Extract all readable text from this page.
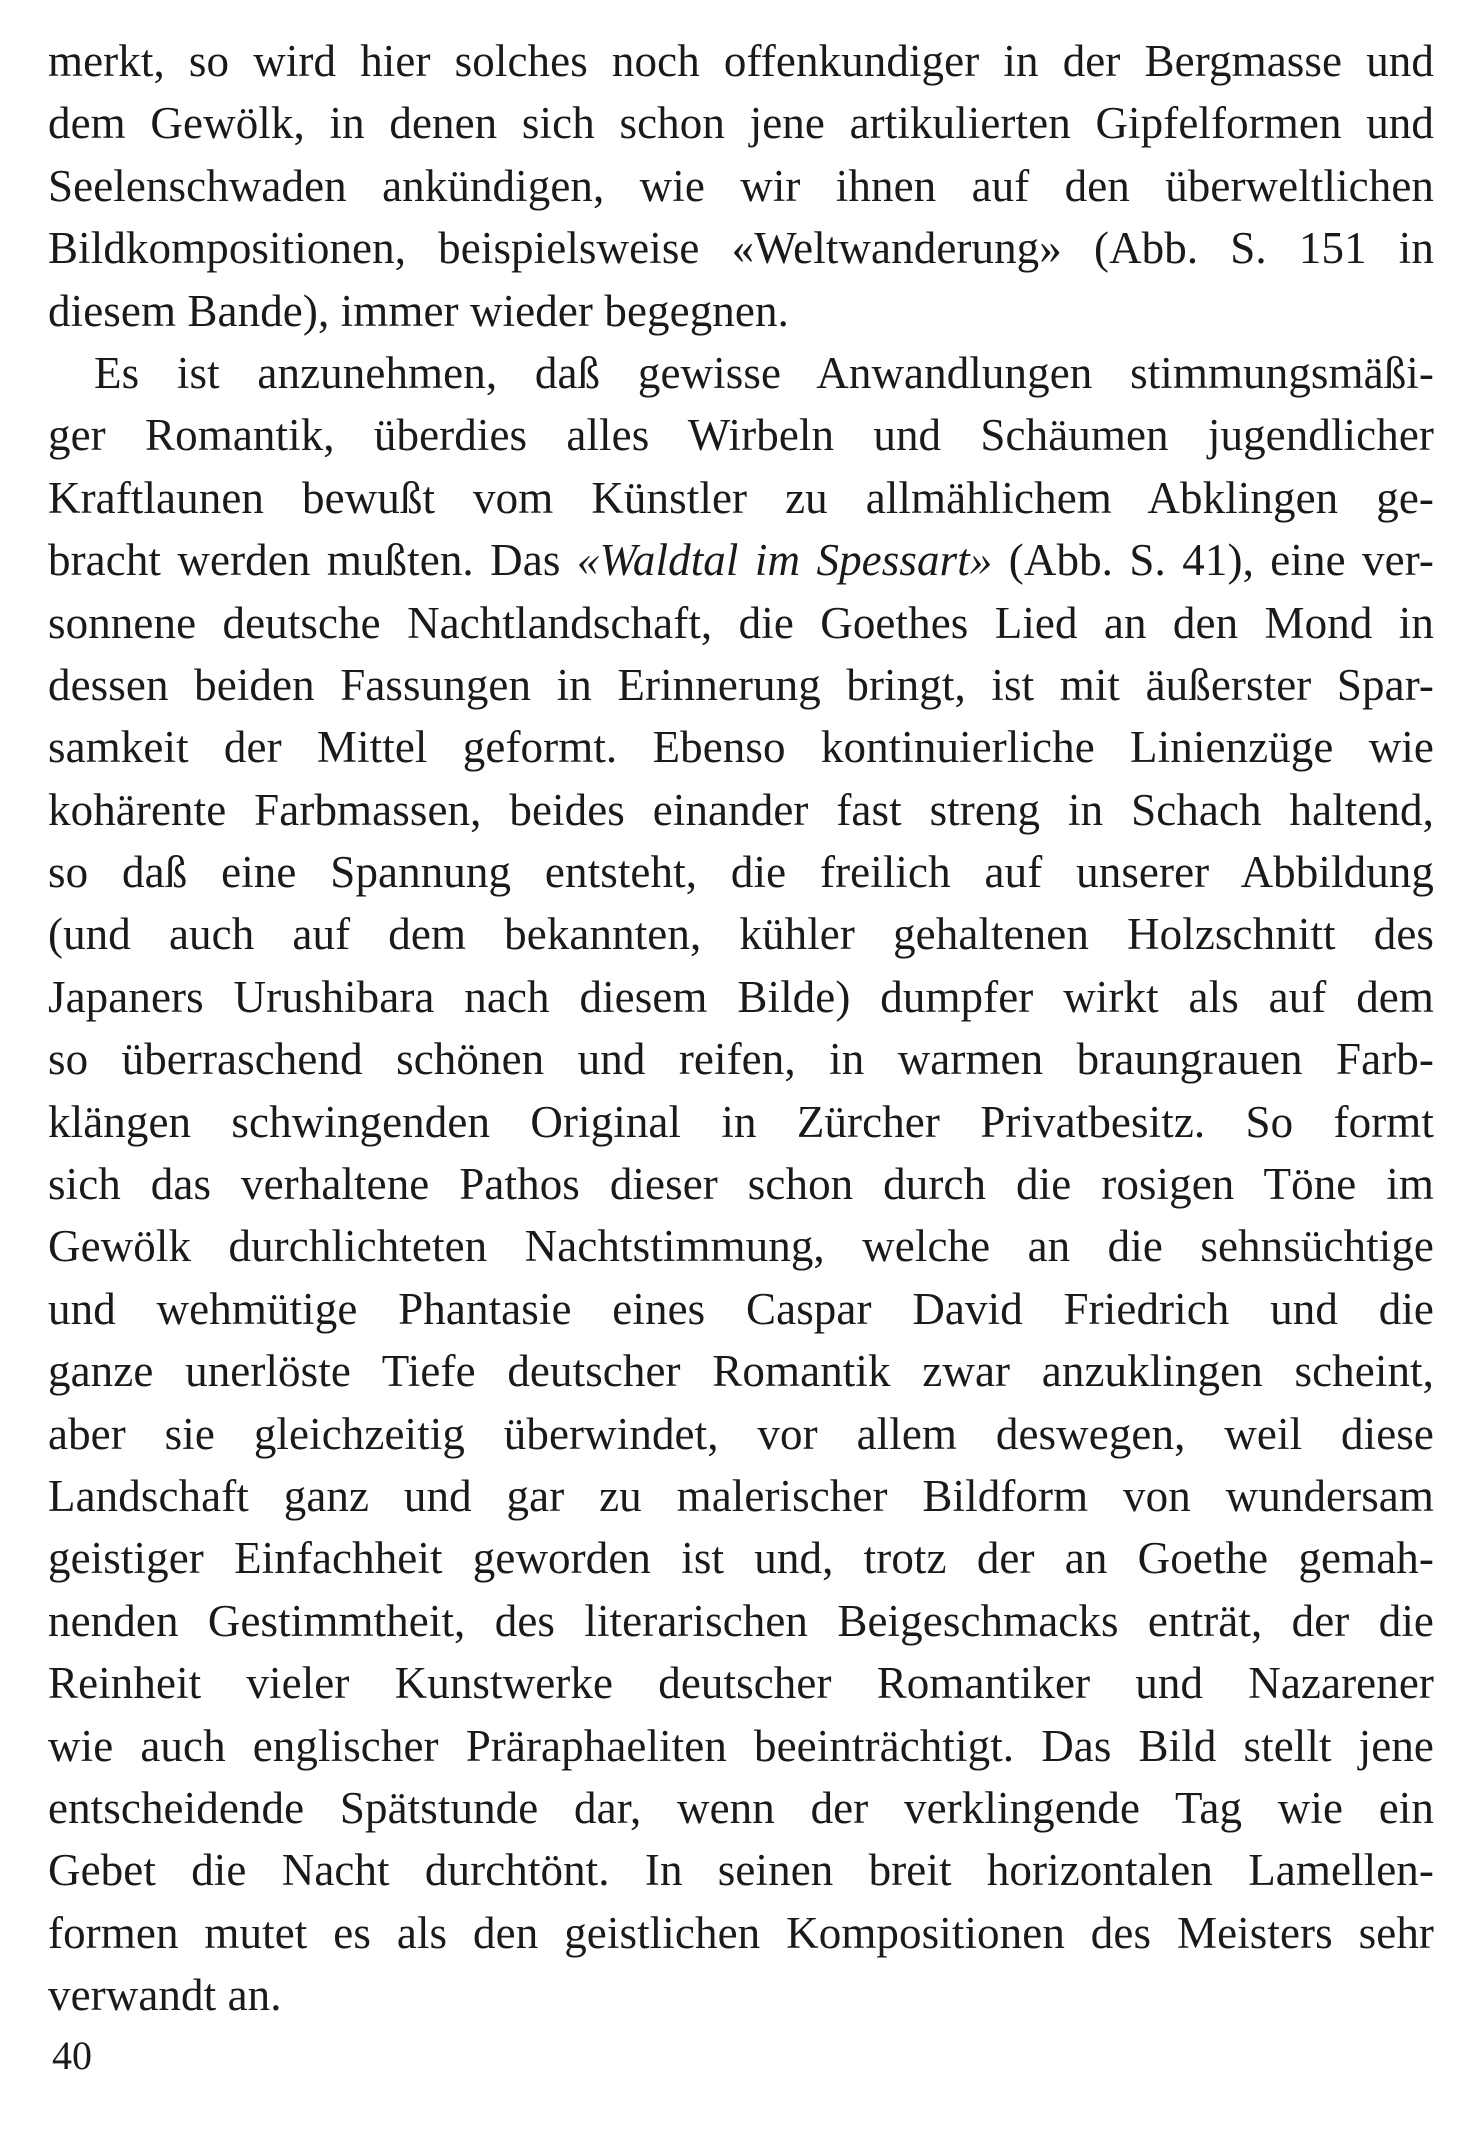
merkt, so wird hier solches noch offenkundiger in der Bergmasse und
dem Gewölk, in denen sich schon jene artikulierten Gipfelformen und
Seelenschwaden ankündigen, wie wir ihnen auf den überweltlichen
Bildkompositionen, beispielsweise «Weltwanderung» (Abb. S. 151 in
diesem Bande), immer wieder begegnen.
Es ist anzunehmen, daß gewisse Anwandlungen stimmungsmäßi-
ger Romantik, überdies alles Wirbeln und Schäumen jugendlicher
Kraftlaunen bewußt vom Künstler zu allmählichem Abklingen ge-
bracht werden mußten. Das «Waldtal im Spessart» (Abb. S. 41), eine ver-
sonnene deutsche Nachtlandschaft, die Goethes Lied an den Mond in
dessen beiden Fassungen in Erinnerung bringt, ist mit äußerster Spar-
samkeit der Mittel geformt. Ebenso kontinuierliche Linienzüge wie
kohärente Farbmassen, beides einander fast streng in Schach haltend,
so daß eine Spannung entsteht, die freilich auf unserer Abbildung
(und auch auf dem bekannten, kühler gehaltenen Holzschnitt des
Japaners Urushibara nach diesem Bilde) dumpfer wirkt als auf dem
so überraschend schönen und reifen, in warmen braungrauen Farb-
klängen schwingenden Original in Zürcher Privatbesitz. So formt
sich das verhaltene Pathos dieser schon durch die rosigen Töne im
Gewölk durchlichteten Nachtstimmung, welche an die sehnsüchtige
und wehmütige Phantasie eines Caspar David Friedrich und die
ganze unerlöste Tiefe deutscher Romantik zwar anzuklingen scheint,
aber sie gleichzeitig überwindet, vor allem deswegen, weil diese
Landschaft ganz und gar zu malerischer Bildform von wundersam
geistiger Einfachheit geworden ist und, trotz der an Goethe gemah-
nenden Gestimmtheit, des literarischen Beigeschmacks enträt, der die
Reinheit vieler Kunstwerke deutscher Romantiker und Nazarener
wie auch englischer Präraphaeliten beeinträchtigt. Das Bild stellt jene
entscheidende Spätstunde dar, wenn der verklingende Tag wie ein
Gebet die Nacht durchtönt. In seinen breit horizontalen Lamellen-
formen mutet es als den geistlichen Kompositionen des Meisters sehr
verwandt an.
40
